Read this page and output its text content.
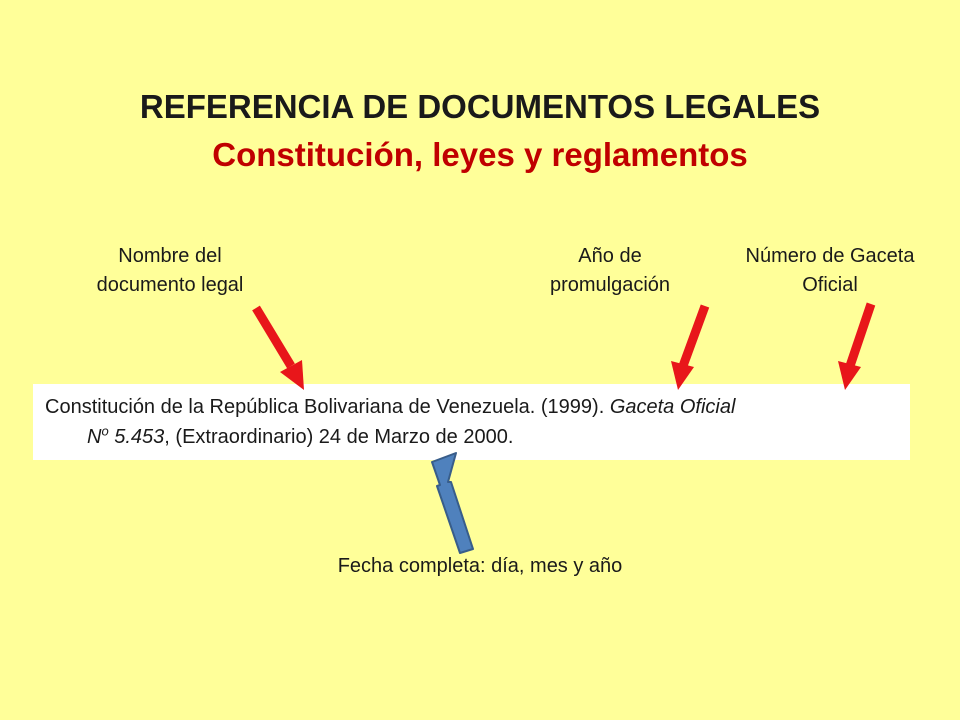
REFERENCIA DE DOCUMENTOS LEGALES
Constitución, leyes y reglamentos
Nombre del
documento legal
Año de
promulgación
Número de Gaceta
Oficial
Constitución de la República Bolivariana de Venezuela. (1999). Gaceta Oficial
$N^o$ 5.453, (Extraordinario) 24 de Marzo de 2000.
Fecha completa: día, mes y año
